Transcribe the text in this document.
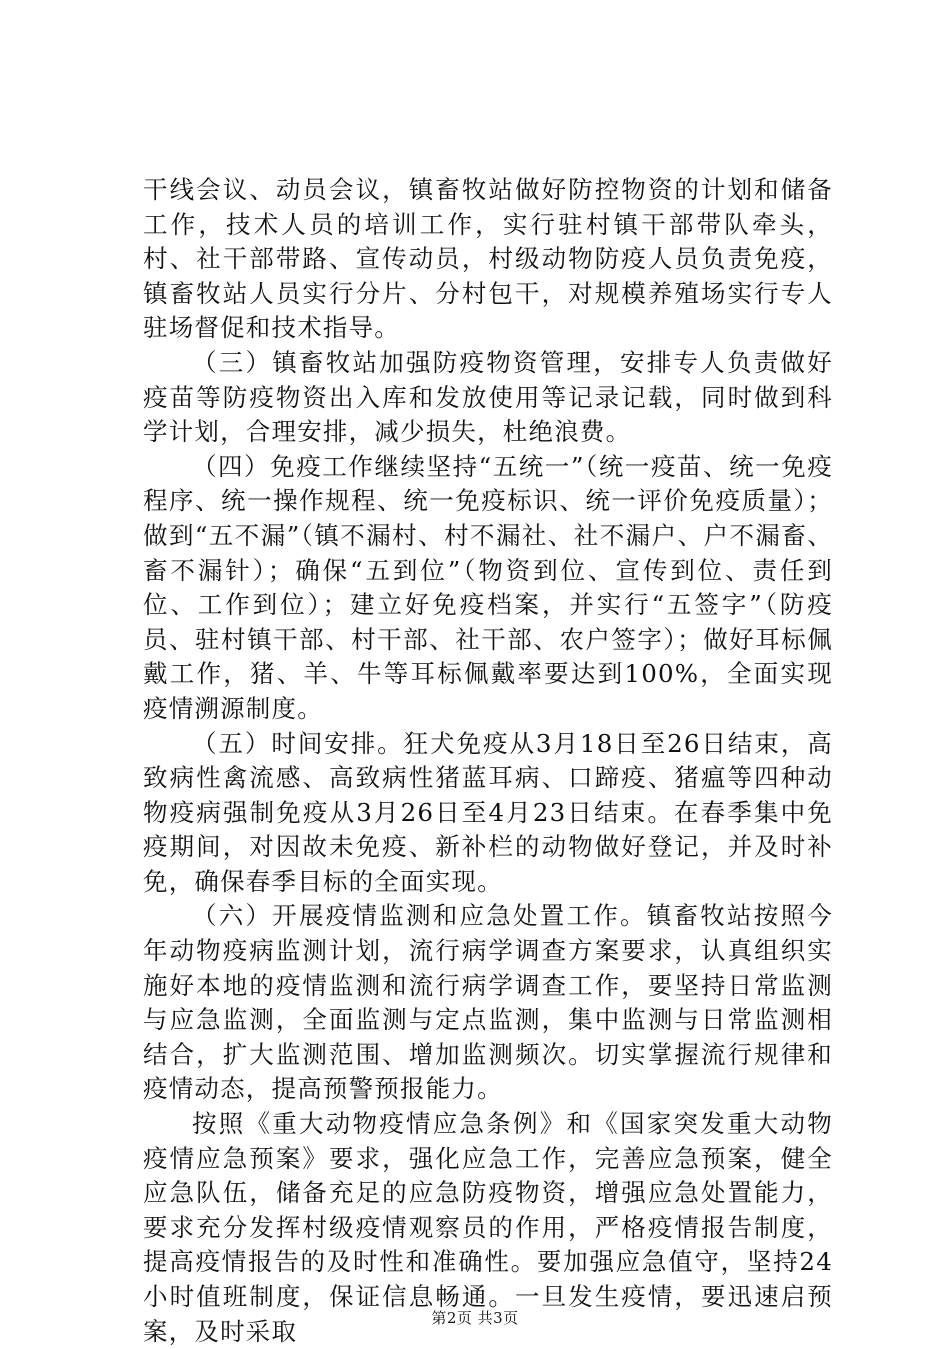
干线会议、动员会议，镇畜牧站做好防控物资的计划和储备工作，技术人员的培训工作，实行驻村镇干部带队牵头，村、社干部带路、宣传动员，村级动物防疫人员负责免疫，镇畜牧站人员实行分片、分村包干，对规模养殖场实行专人驻场督促和技术指导。

（三）镇畜牧站加强防疫物资管理，安排专人负责做好疫苗等防疫物资出入库和发放使用等记录记载，同时做到科学计划，合理安排，减少损失，杜绝浪费。

（四）免疫工作继续坚持“五统一”（统一疫苗、统一免疫程序、统一操作规程、统一免疫标识、统一评价免疫质量）；做到“五不漏”（镇不漏村、村不漏社、社不漏户、户不漏畜、畜不漏针）；确保“五到位”（物资到位、宣传到位、责任到位、工作到位）；建立好免疫档案，并实行“五签字”（防疫员、驻村镇干部、村干部、社干部、农户签字）；做好耳标佩戴工作，猪、羊、牛等耳标佩戴率要达到100%，全面实现疫情溯源制度。

（五）时间安排。狂犬免疫从3月18日至26日结束，高致病性禽流感、高致病性猪蓝耳病、口蹄疫、猪瘟等四种动物疫病强制免疫从3月26日至4月23日结束。在春季集中免疫期间，对因故未免疫、新补栏的动物做好登记，并及时补免，确保春季目标的全面实现。

（六）开展疫情监测和应急处置工作。镇畜牧站按照今年动物疫病监测计划，流行病学调查方案要求，认真组织实施好本地的疫情监测和流行病学调查工作，要坚持日常监测与应急监测，全面监测与定点监测，集中监测与日常监测相结合，扩大监测范围、增加监测频次。切实掌握流行规律和疫情动态，提高预警预报能力。

按照《重大动物疫情应急条例》和《国家突发重大动物疫情应急预案》要求，强化应急工作，完善应急预案，健全应急队伍，储备充足的应急防疫物资，增强应急处置能力，要求充分发挥村级疫情观察员的作用，严格疫情报告制度，提高疫情报告的及时性和准确性。要加强应急值守，坚持24小时值班制度，保证信息畅通。一旦发生疫情，要迅速启预案，及时采取	第2页 共3页
